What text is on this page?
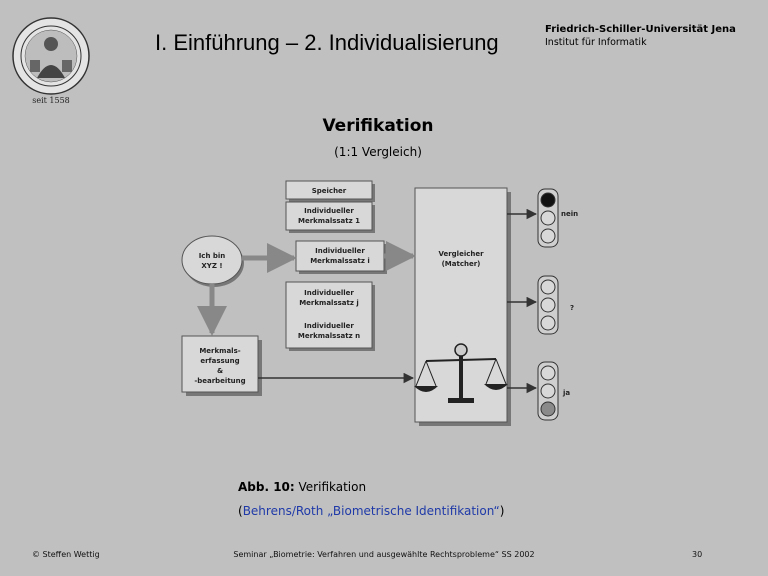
seit 1558
I. Einführung – 2. Individualisierung
Friedrich-Schiller-Universität Jena
Institut für Informatik
Verifikation
(1:1 Vergleich)
Speicher
Individueller
Merkmalssatz 1
Individueller
Merkmalssatz i
Individueller
Merkmalssatz j
Individueller
Merkmalssatz n
Ich bin
XYZ !
Merkmals-
erfassung
&
-bearbeitung
Vergleicher
(Matcher)
nein
?
ja
Abb. 10: Verifikation
(Behrens/Roth „Biometrische Identifikation“)
© Steffen Wettig	Seminar „Biometrie: Verfahren und ausgewählte Rechtsprobleme“ SS 2002	30
